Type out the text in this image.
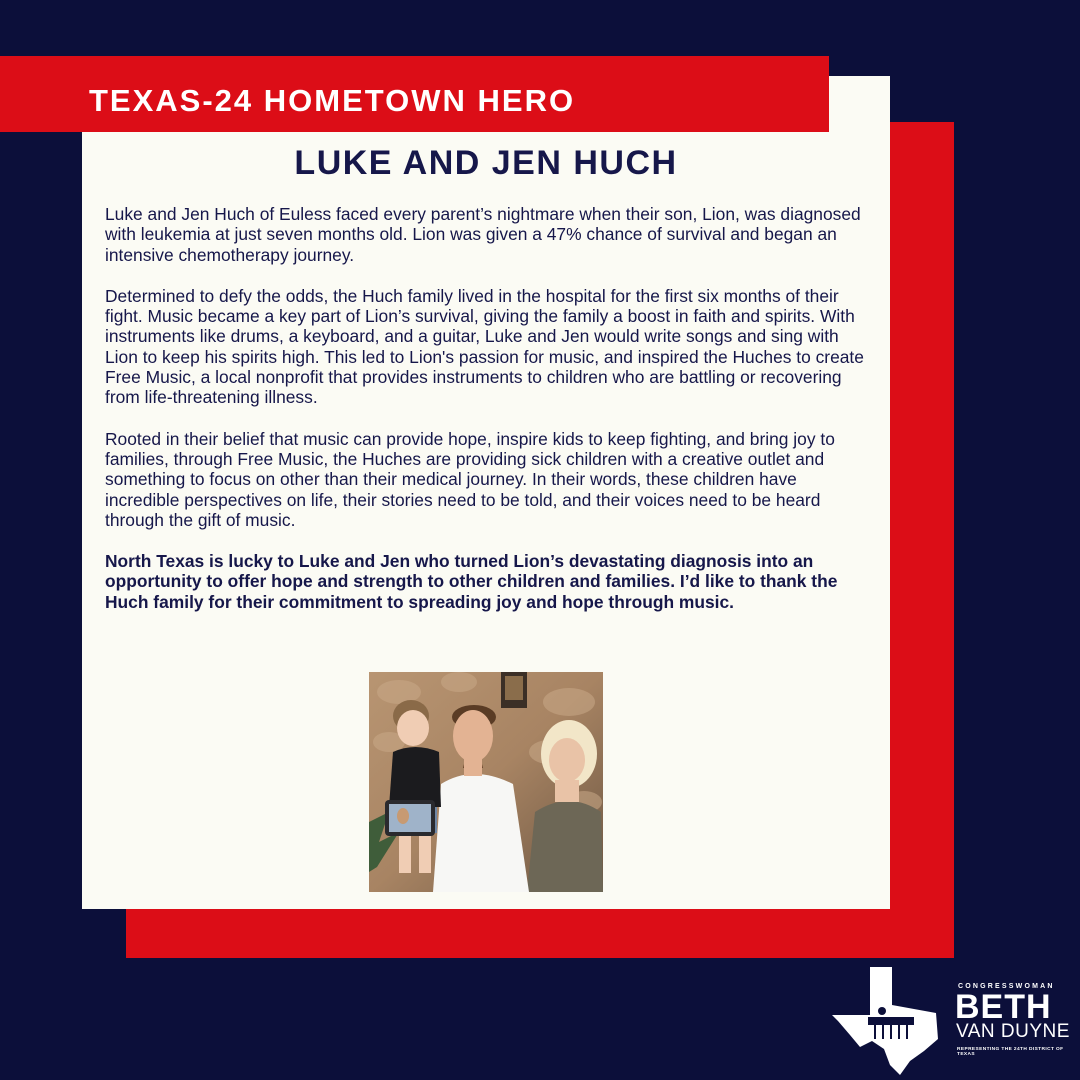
TEXAS-24 HOMETOWN HERO
LUKE AND JEN HUCH

Luke and Jen Huch of Euless faced every parent’s nightmare when their son, Lion, was diagnosed with leukemia at just seven months old. Lion was given a 47% chance of survival and began an intensive chemotherapy journey.

Determined to defy the odds, the Huch family lived in the hospital for the first six months of their fight. Music became a key part of Lion’s survival, giving the family a boost in faith and spirits. With instruments like drums, a keyboard, and a guitar, Luke and Jen would write songs and sing with Lion to keep his spirits high. This led to Lion's passion for music, and inspired the Huches to create Free Music, a local nonprofit that provides instruments to children who are battling or recovering from life-threatening illness.

Rooted in their belief that music can provide hope, inspire kids to keep fighting, and bring joy to families, through Free Music, the Huches are providing sick children with a creative outlet and something to focus on other than their medical journey. In their words, these children have incredible perspectives on life, their stories need to be told, and their voices need to be heard through the gift of music.

North Texas is lucky to Luke and Jen who turned Lion’s devastating diagnosis into an opportunity to offer hope and strength to other children and families. I’d like to thank the Huch family for their commitment to spreading joy and hope through music.

CONGRESSWOMAN
BETH
VAN DUYNE
REPRESENTING THE 24TH DISTRICT OF TEXAS
